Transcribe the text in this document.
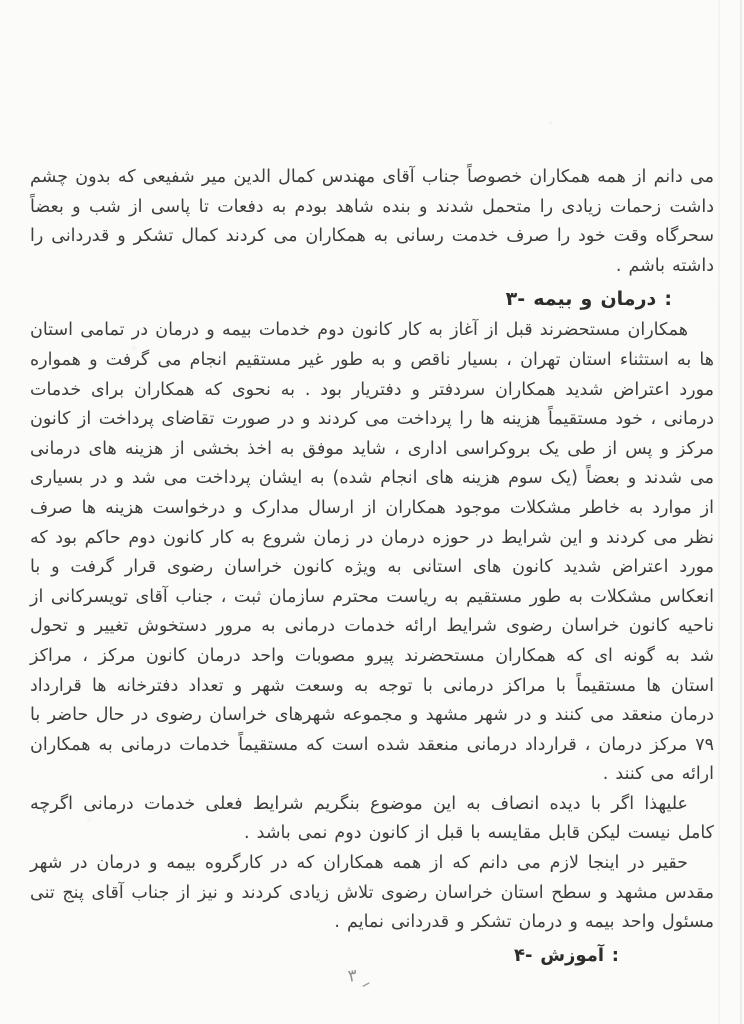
می دانم از همه همکاران خصوصاً جناب آقای مهندس کمال الدین میر شفیعی که بدون چشم داشت زحمات زیادی را متحمل شدند و بنده شاهد بودم به دفعات تا پاسی از شب و بعضاً سحرگاه وقت خود را صرف خدمت رسانی به همکاران می کردند کمال تشکر و قدردانی را داشته باشم .

۳- بیمه و درمان :

همکاران مستحضرند قبل از آغاز به کار کانون دوم خدمات بیمه و درمان در تمامی استان ها به استثناء استان تهران ، بسیار ناقص و به طور غیر مستقیم انجام می گرفت و همواره مورد اعتراض شدید همکاران سردفتر و دفتریار بود . به نحوی که همکاران برای خدمات درمانی ، خود مستقیماً هزینه ها را پرداخت می کردند و در صورت تقاضای پرداخت از کانون مرکز و پس از طی یک بروکراسی اداری ، شاید موفق به اخذ بخشی از هزینه های درمانی می شدند و بعضاً (یک سوم هزینه های انجام شده) به ایشان پرداخت می شد و در بسیاری از موارد به خاطر مشکلات موجود همکاران از ارسال مدارک و درخواست هزینه ها صرف نظر می کردند و این شرایط در حوزه درمان در زمان شروع به کار کانون دوم حاکم بود که مورد اعتراض شدید کانون های استانی به ویژه کانون خراسان رضوی قرار گرفت و با انعکاس مشکلات به طور مستقیم به ریاست محترم سازمان ثبت ، جناب آقای تویسرکانی از ناحیه کانون خراسان رضوی شرایط ارائه خدمات درمانی به مرور دستخوش تغییر و تحول شد به گونه ای که همکاران مستحضرند پیرو مصوبات واحد درمان کانون مرکز ، مراکز استان ها مستقیماً با مراکز درمانی با توجه به وسعت شهر و تعداد دفترخانه ها قرارداد درمان منعقد می کنند و در شهر مشهد و مجموعه شهرهای خراسان رضوی در حال حاضر با ۷۹ مرکز درمان ، قرارداد درمانی منعقد شده است که مستقیماً خدمات درمانی به همکاران ارائه می کنند .

علیهذا اگر با دیده انصاف به این موضوع بنگریم شرایط فعلی خدمات درمانی اگرچه کامل نیست لیکن قابل مقایسه با قبل از کانون دوم نمی باشد .

حقیر در اینجا لازم می دانم که از همه همکاران که در کارگروه بیمه و درمان در شهر مقدس مشهد و سطح استان خراسان رضوی تلاش زیادی کردند و نیز از جناب آقای پنج تنی مسئول واحد بیمه و درمان تشکر و قدردانی نمایم .

۴- آموزش :
ـ۳
